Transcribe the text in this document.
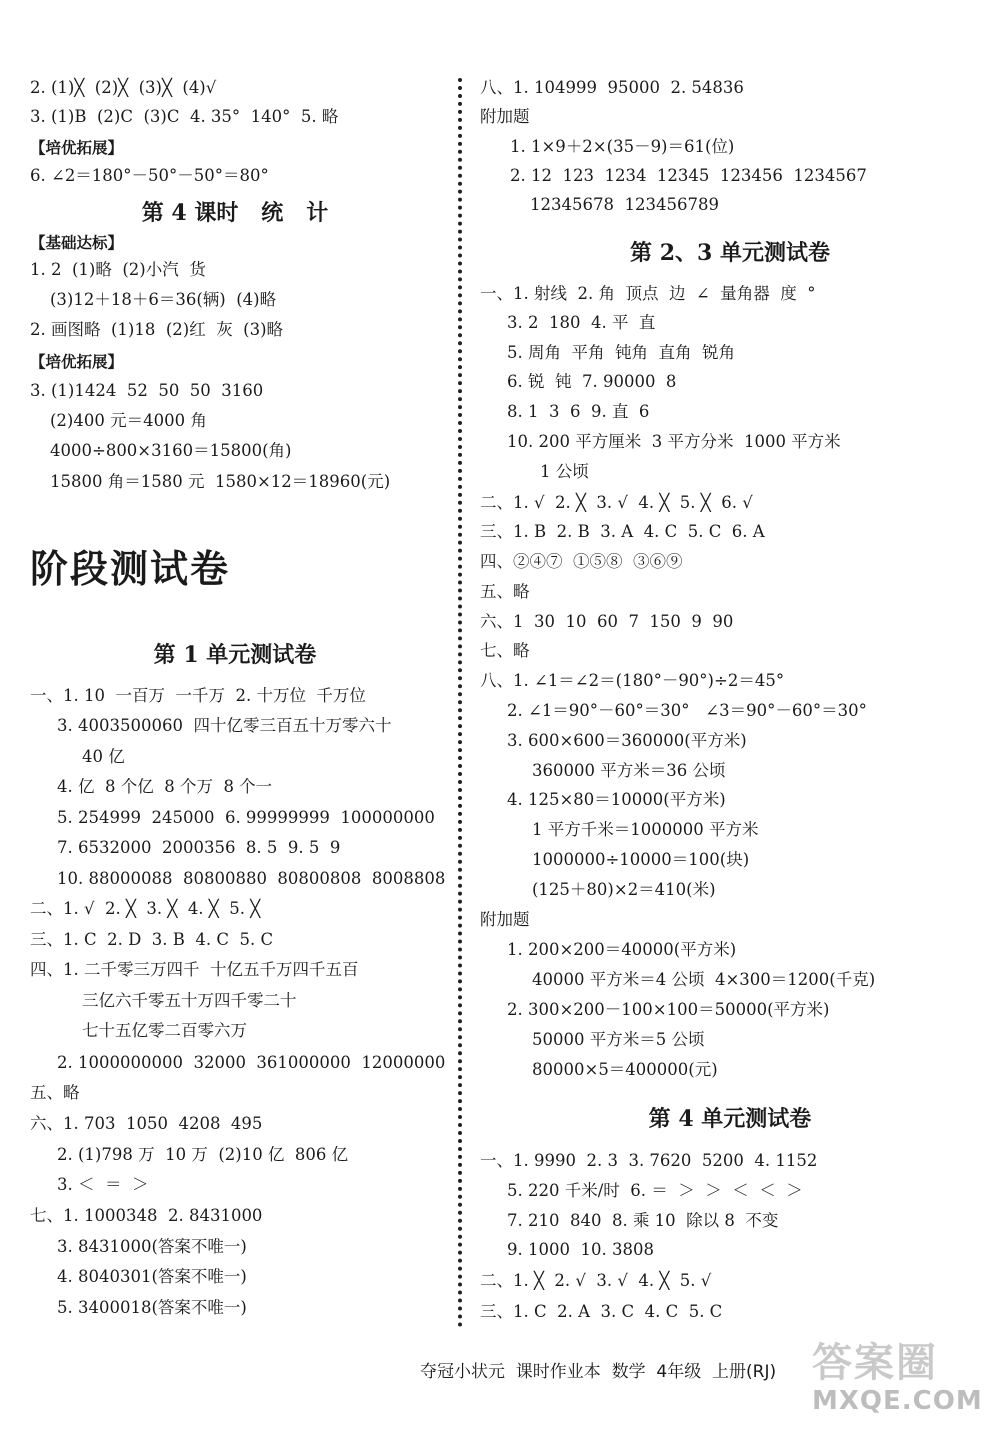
2. (1)╳  (2)╳  (3)╳  (4)√
3. (1)B  (2)C  (3)C  4. 35°  140°  5. 略
【培优拓展】
6. ∠2＝180°－50°－50°＝80°
第 4 课时   统   计
【基础达标】
1. 2  (1)略  (2)小汽  货
(3)12＋18＋6＝36(辆)  (4)略
2. 画图略  (1)18  (2)红  灰  (3)略
【培优拓展】
3. (1)1424  52  50  50  3160
(2)400 元＝4000 角
4000÷800×3160＝15800(角)
15800 角＝1580 元  1580×12＝18960(元)
阶段测试卷
第 1 单元测试卷
一、1. 10  一百万  一千万  2. 十万位  千万位
3. 4003500060  四十亿零三百五十万零六十
40 亿
4. 亿  8 个亿  8 个万  8 个一
5. 254999  245000  6. 99999999  100000000
7. 6532000  2000356  8. 5  9. 5  9
10. 88000088  80800880  80800808  8008808
二、1. √  2. ╳  3. ╳  4. ╳  5. ╳
三、1. C  2. D  3. B  4. C  5. C
四、1. 二千零三万四千  十亿五千万四千五百
三亿六千零五十万四千零二十
七十五亿零二百零六万
2. 1000000000  32000  361000000  12000000
五、略
六、1. 703  1050  4208  495
2. (1)798 万  10 万  (2)10 亿  806 亿
3. ＜  ＝  ＞
七、1. 1000348  2. 8431000
3. 8431000(答案不唯一)
4. 8040301(答案不唯一)
5. 3400018(答案不唯一)
八、1. 104999  95000  2. 54836
附加题
1. 1×9＋2×(35－9)＝61(位)
2. 12  123  1234  12345  123456  1234567
12345678  123456789
第 2、3 单元测试卷
一、1. 射线  2. 角  顶点  边  ∠  量角器  度  °
3. 2  180  4. 平  直
5. 周角  平角  钝角  直角  锐角
6. 锐  钝  7. 90000  8
8. 1  3  6  9. 直  6
10. 200 平方厘米  3 平方分米  1000 平方米
1 公顷
二、1. √  2. ╳  3. √  4. ╳  5. ╳  6. √
三、1. B  2. B  3. A  4. C  5. C  6. A
四、②④⑦  ①⑤⑧  ③⑥⑨
五、略
六、1  30  10  60  7  150  9  90
七、略
八、1. ∠1＝∠2＝(180°－90°)÷2＝45°
2. ∠1＝90°－60°＝30°   ∠3＝90°－60°＝30°
3. 600×600＝360000(平方米)
360000 平方米＝36 公顷
4. 125×80＝10000(平方米)
1 平方千米＝1000000 平方米
1000000÷10000＝100(块)
(125＋80)×2＝410(米)
附加题
1. 200×200＝40000(平方米)
40000 平方米＝4 公顷  4×300＝1200(千克)
2. 300×200－100×100＝50000(平方米)
50000 平方米＝5 公顷
80000×5＝400000(元)
第 4 单元测试卷
一、1. 9990  2. 3  3. 7620  5200  4. 1152
5. 220 千米/时  6. ＝  ＞  ＞  ＜  ＜  ＞
7. 210  840  8. 乘 10  除以 8  不变
9. 1000  10. 3808
二、1. ╳  2. √  3. √  4. ╳  5. √
三、1. C  2. A  3. C  4. C  5. C
夺冠小状元  课时作业本  数学  4年级  上册(RJ) 答案圈
MXQE.COM
